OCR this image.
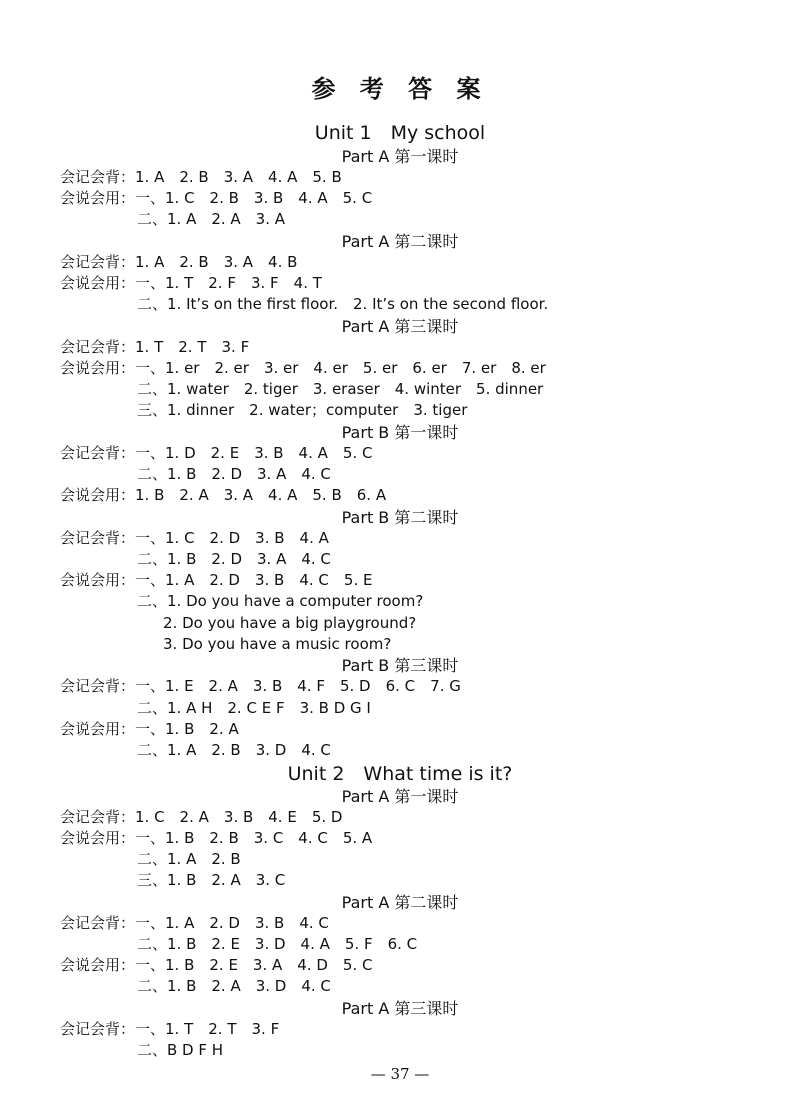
参 考 答 案
Unit 1　My school
Part A 第一课时
会记会背：1. A　2. B　3. A　4. A　5. B
会说会用：一、1. C　2. B　3. B　4. A　5. C
二、1. A　2. A　3. A
Part A 第二课时
会记会背：1. A　2. B　3. A　4. B
会说会用：一、1. T　2. F　3. F　4. T
二、1. It’s on the first floor.　2. It’s on the second floor.
Part A 第三课时
会记会背：1. T　2. T　3. F
会说会用：一、1. er　2. er　3. er　4. er　5. er　6. er　7. er　8. er
二、1. water　2. tiger　3. eraser　4. winter　5. dinner
三、1. dinner　2. water；computer　3. tiger
Part B 第一课时
会记会背：一、1. D　2. E　3. B　4. A　5. C
二、1. B　2. D　3. A　4. C
会说会用：1. B　2. A　3. A　4. A　5. B　6. A
Part B 第二课时
会记会背：一、1. C　2. D　3. B　4. A
二、1. B　2. D　3. A　4. C
会说会用：一、1. A　2. D　3. B　4. C　5. E
二、1. Do you have a computer room?
2. Do you have a big playground?
3. Do you have a music room?
Part B 第三课时
会记会背：一、1. E　2. A　3. B　4. F　5. D　6. C　7. G
二、1. A H　2. C E F　3. B D G I
会说会用：一、1. B　2. A
二、1. A　2. B　3. D　4. C
Unit 2　What time is it?
Part A 第一课时
会记会背：1. C　2. A　3. B　4. E　5. D
会说会用：一、1. B　2. B　3. C　4. C　5. A
二、1. A　2. B
三、1. B　2. A　3. C
Part A 第二课时
会记会背：一、1. A　2. D　3. B　4. C
二、1. B　2. E　3. D　4. A　5. F　6. C
会说会用：一、1. B　2. E　3. A　4. D　5. C
二、1. B　2. A　3. D　4. C
Part A 第三课时
会记会背：一、1. T　2. T　3. F
二、B D F H
— 37 —
